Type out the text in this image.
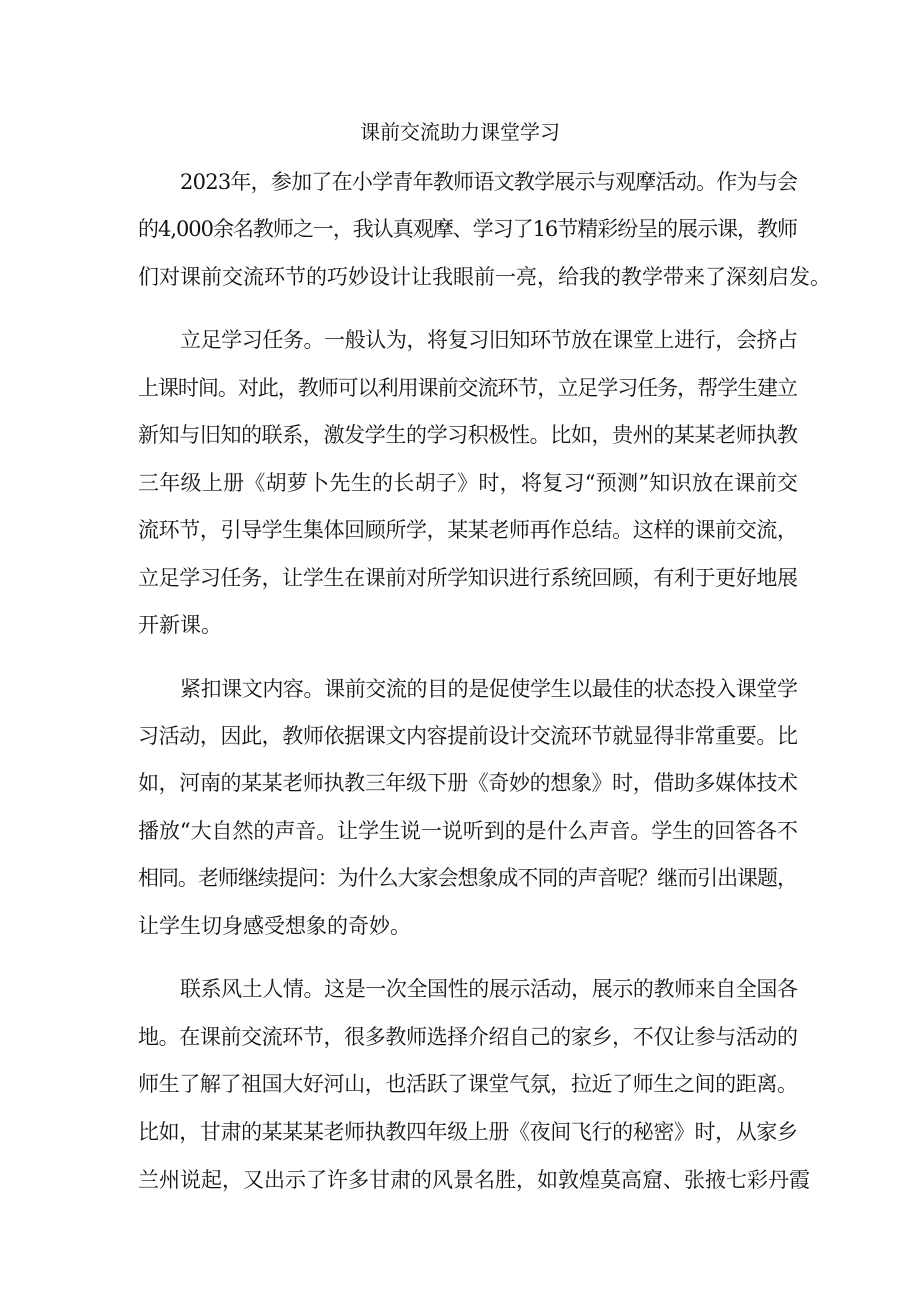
课前交流助力课堂学习

2023年，参加了在小学青年教师语文教学展示与观摩活动。作为与会

的4,000余名教师之一，我认真观摩、学习了16节精彩纷呈的展示课，教师

们对课前交流环节的巧妙设计让我眼前一亮，给我的教学带来了深刻启发。

立足学习任务。一般认为，将复习旧知环节放在课堂上进行，会挤占

上课时间。对此，教师可以利用课前交流环节，立足学习任务，帮学生建立

新知与旧知的联系，激发学生的学习积极性。比如，贵州的某某老师执教

三年级上册《胡萝卜先生的长胡子》时，将复习“预测”知识放在课前交

流环节，引导学生集体回顾所学，某某老师再作总结。这样的课前交流，

立足学习任务，让学生在课前对所学知识进行系统回顾，有利于更好地展

开新课。

紧扣课文内容。课前交流的目的是促使学生以最佳的状态投入课堂学

习活动，因此，教师依据课文内容提前设计交流环节就显得非常重要。比

如，河南的某某老师执教三年级下册《奇妙的想象》时，借助多媒体技术

播放“大自然的声音。让学生说一说听到的是什么声音。学生的回答各不

相同。老师继续提问：为什么大家会想象成不同的声音呢？继而引出课题，

让学生切身感受想象的奇妙。

联系风土人情。这是一次全国性的展示活动，展示的教师来自全国各

地。在课前交流环节，很多教师选择介绍自己的家乡，不仅让参与活动的

师生了解了祖国大好河山，也活跃了课堂气氛，拉近了师生之间的距离。

比如，甘肃的某某某老师执教四年级上册《夜间飞行的秘密》时，从家乡

兰州说起，又出示了许多甘肃的风景名胜，如敦煌莫高窟、张掖七彩丹霞
